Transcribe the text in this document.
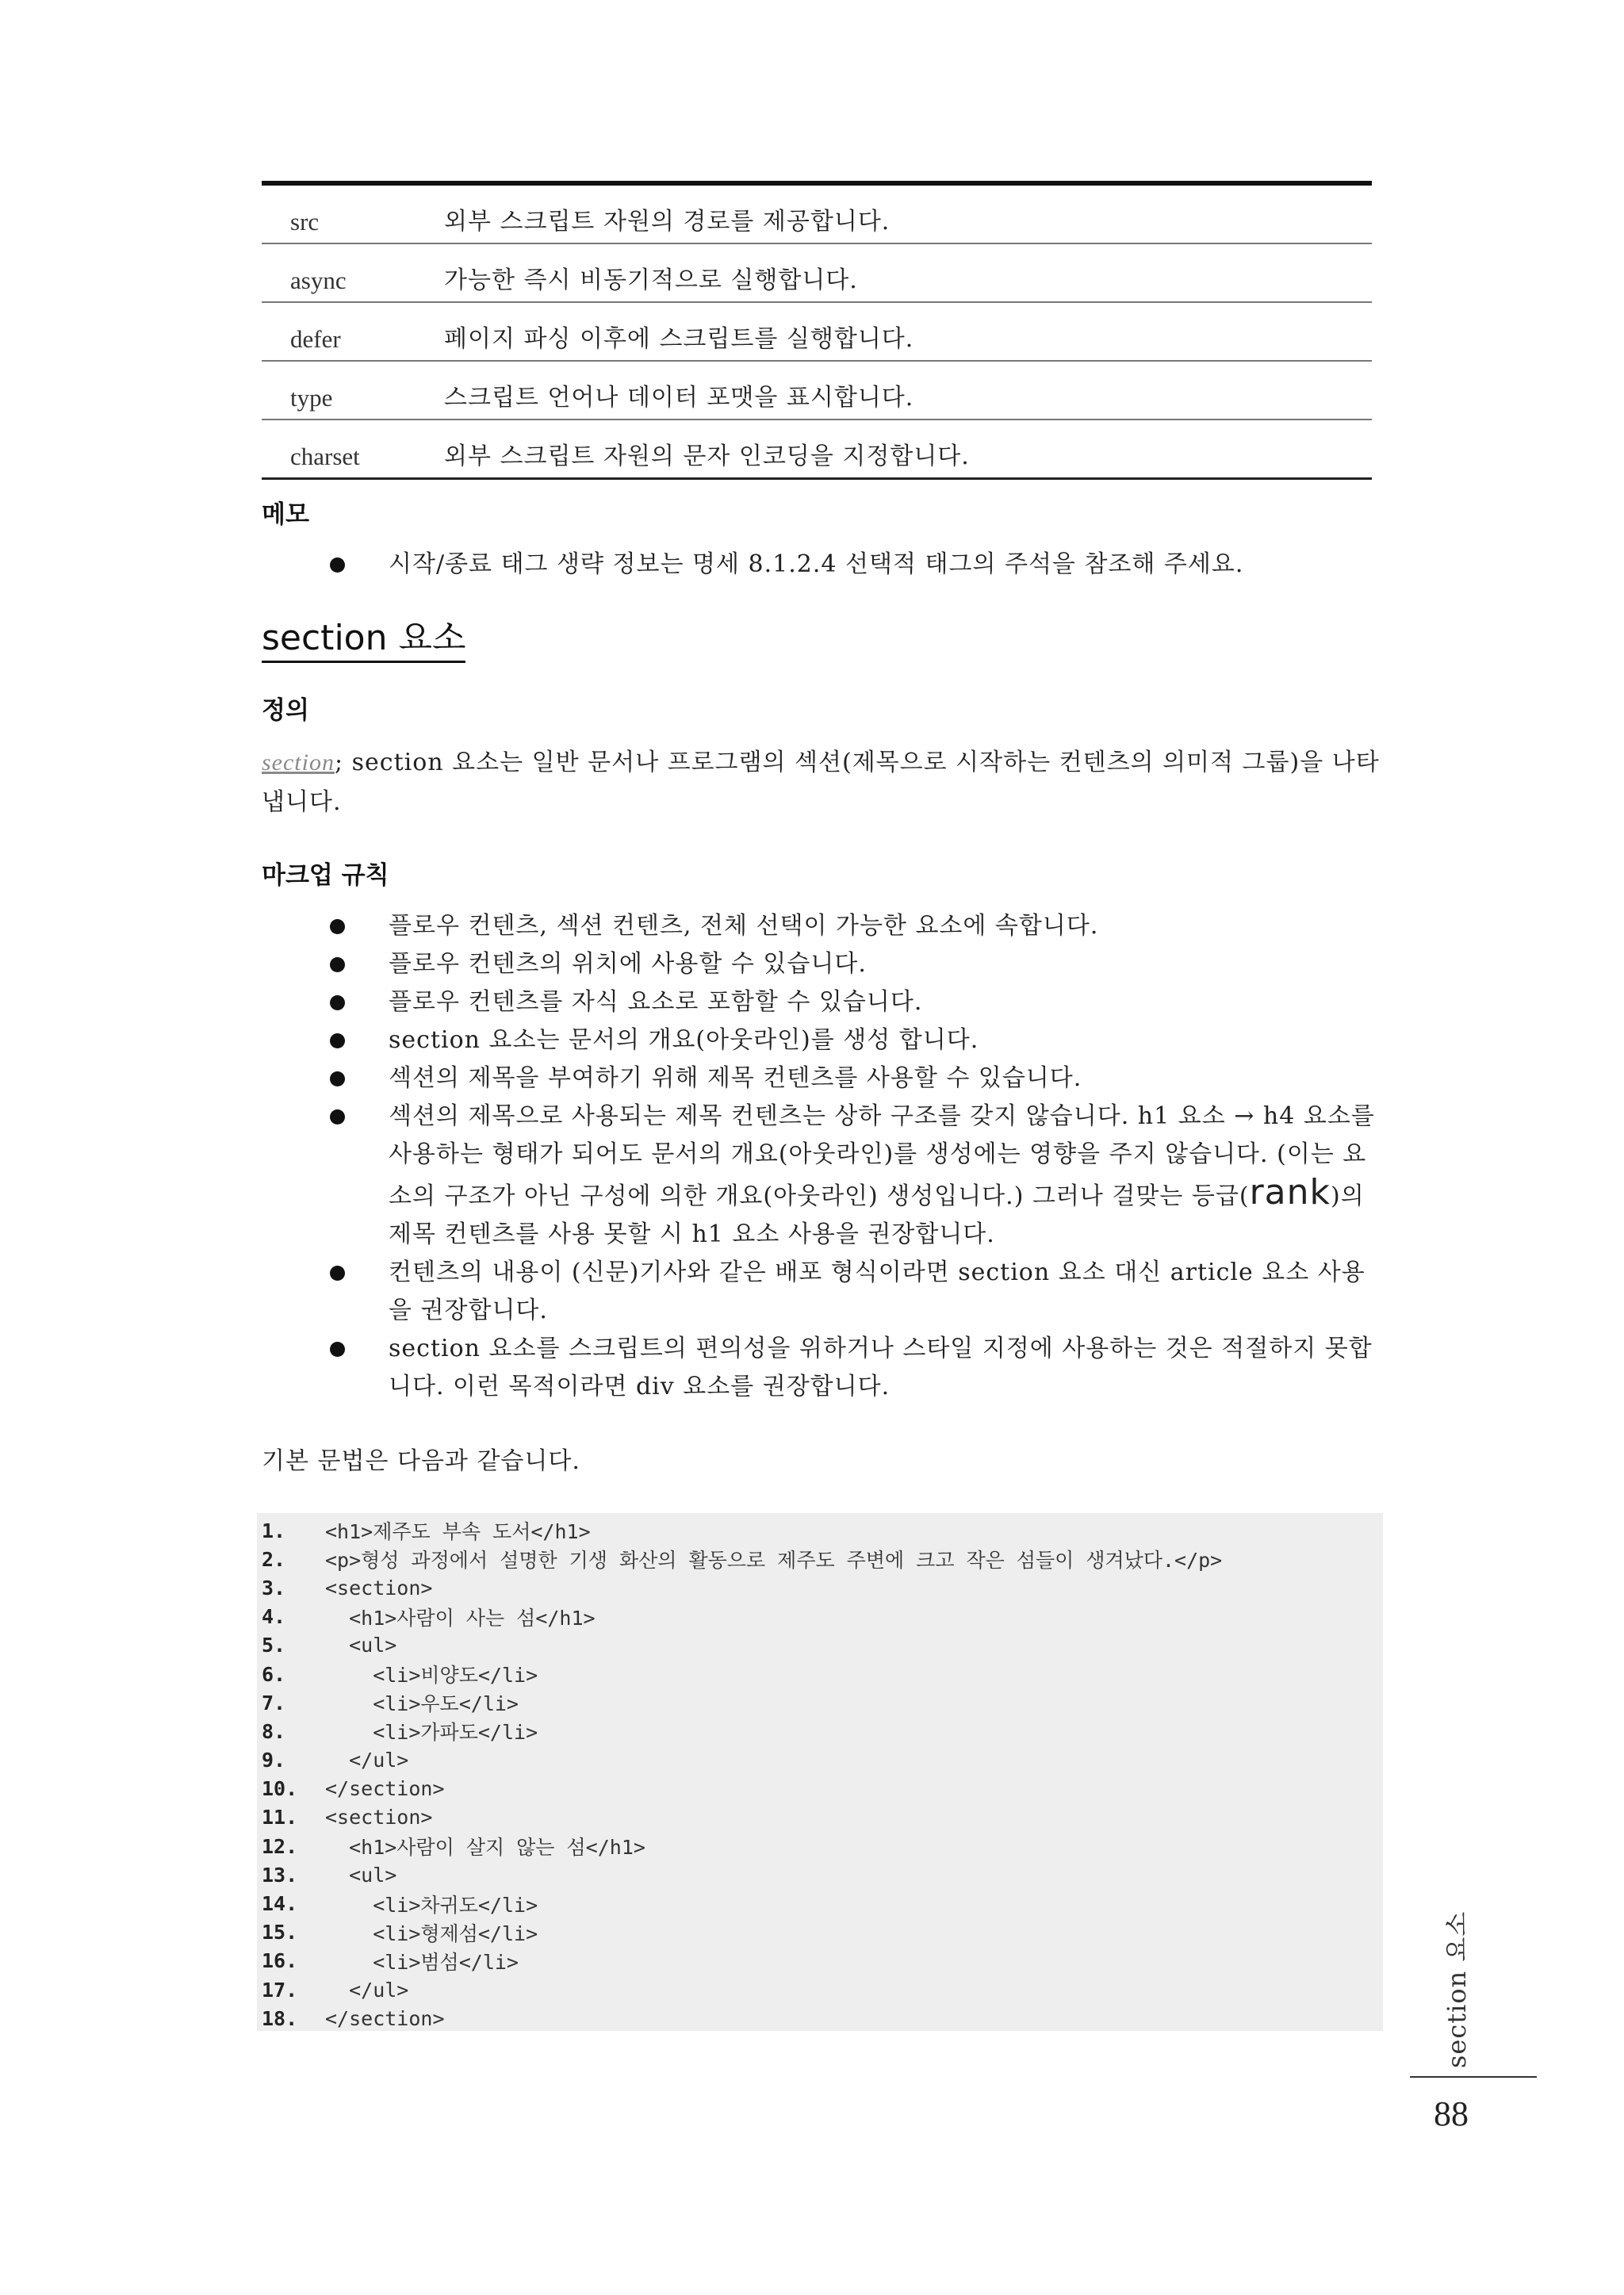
src	외부 스크립트 자원의 경로를 제공합니다.
async	가능한 즉시 비동기적으로 실행합니다.
defer	페이지 파싱 이후에 스크립트를 실행합니다.
type	스크립트 언어나 데이터 포맷을 표시합니다.
charset	외부 스크립트 자원의 문자 인코딩을 지정합니다.
메모
시작/종료 태그 생략 정보는 명세 8.1.2.4 선택적 태그의 주석을 참조해 주세요.
section 요소
정의
section; section 요소는 일반 문서나 프로그램의 섹션(제목으로 시작하는 컨텐츠의 의미적 그룹)을 나타냅니다.
마크업 규칙
플로우 컨텐츠, 섹션 컨텐츠, 전체 선택이 가능한 요소에 속합니다.
플로우 컨텐츠의 위치에 사용할 수 있습니다.
플로우 컨텐츠를 자식 요소로 포함할 수 있습니다.
section 요소는 문서의 개요(아웃라인)를 생성 합니다.
섹션의 제목을 부여하기 위해 제목 컨텐츠를 사용할 수 있습니다.
섹션의 제목으로 사용되는 제목 컨텐츠는 상하 구조를 갖지 않습니다. h1 요소 → h4 요소를 사용하는 형태가 되어도 문서의 개요(아웃라인)를 생성에는 영향을 주지 않습니다. (이는 요소의 구조가 아닌 구성에 의한 개요(아웃라인) 생성입니다.) 그러나 걸맞는 등급(rank)의 제목 컨텐츠를 사용 못할 시 h1 요소 사용을 권장합니다.
컨텐츠의 내용이 (신문)기사와 같은 배포 형식이라면 section 요소 대신 article 요소 사용을 권장합니다.
section 요소를 스크립트의 편의성을 위하거나 스타일 지정에 사용하는 것은 적절하지 못합니다. 이런 목적이라면 div 요소를 권장합니다.
기본 문법은 다음과 같습니다.
1.	<h1>제주도 부속 도서</h1>
2.	<p>형성 과정에서 설명한 기생 화산의 활동으로 제주도 주변에 크고 작은 섬들이 생겨났다.</p>
3.	<section>
4.	<h1>사람이 사는 섬</h1>
5.	<ul>
6.	<li>비양도</li>
7.	<li>우도</li>
8.	<li>가파도</li>
9.	</ul>
10.	</section>
11.	<section>
12.	<h1>사람이 살지 않는 섬</h1>
13.	<ul>
14.	<li>차귀도</li>
15.	<li>형제섬</li>
16.	<li>범섬</li>
17.	</ul>
18.	</section>	section 요소
88
